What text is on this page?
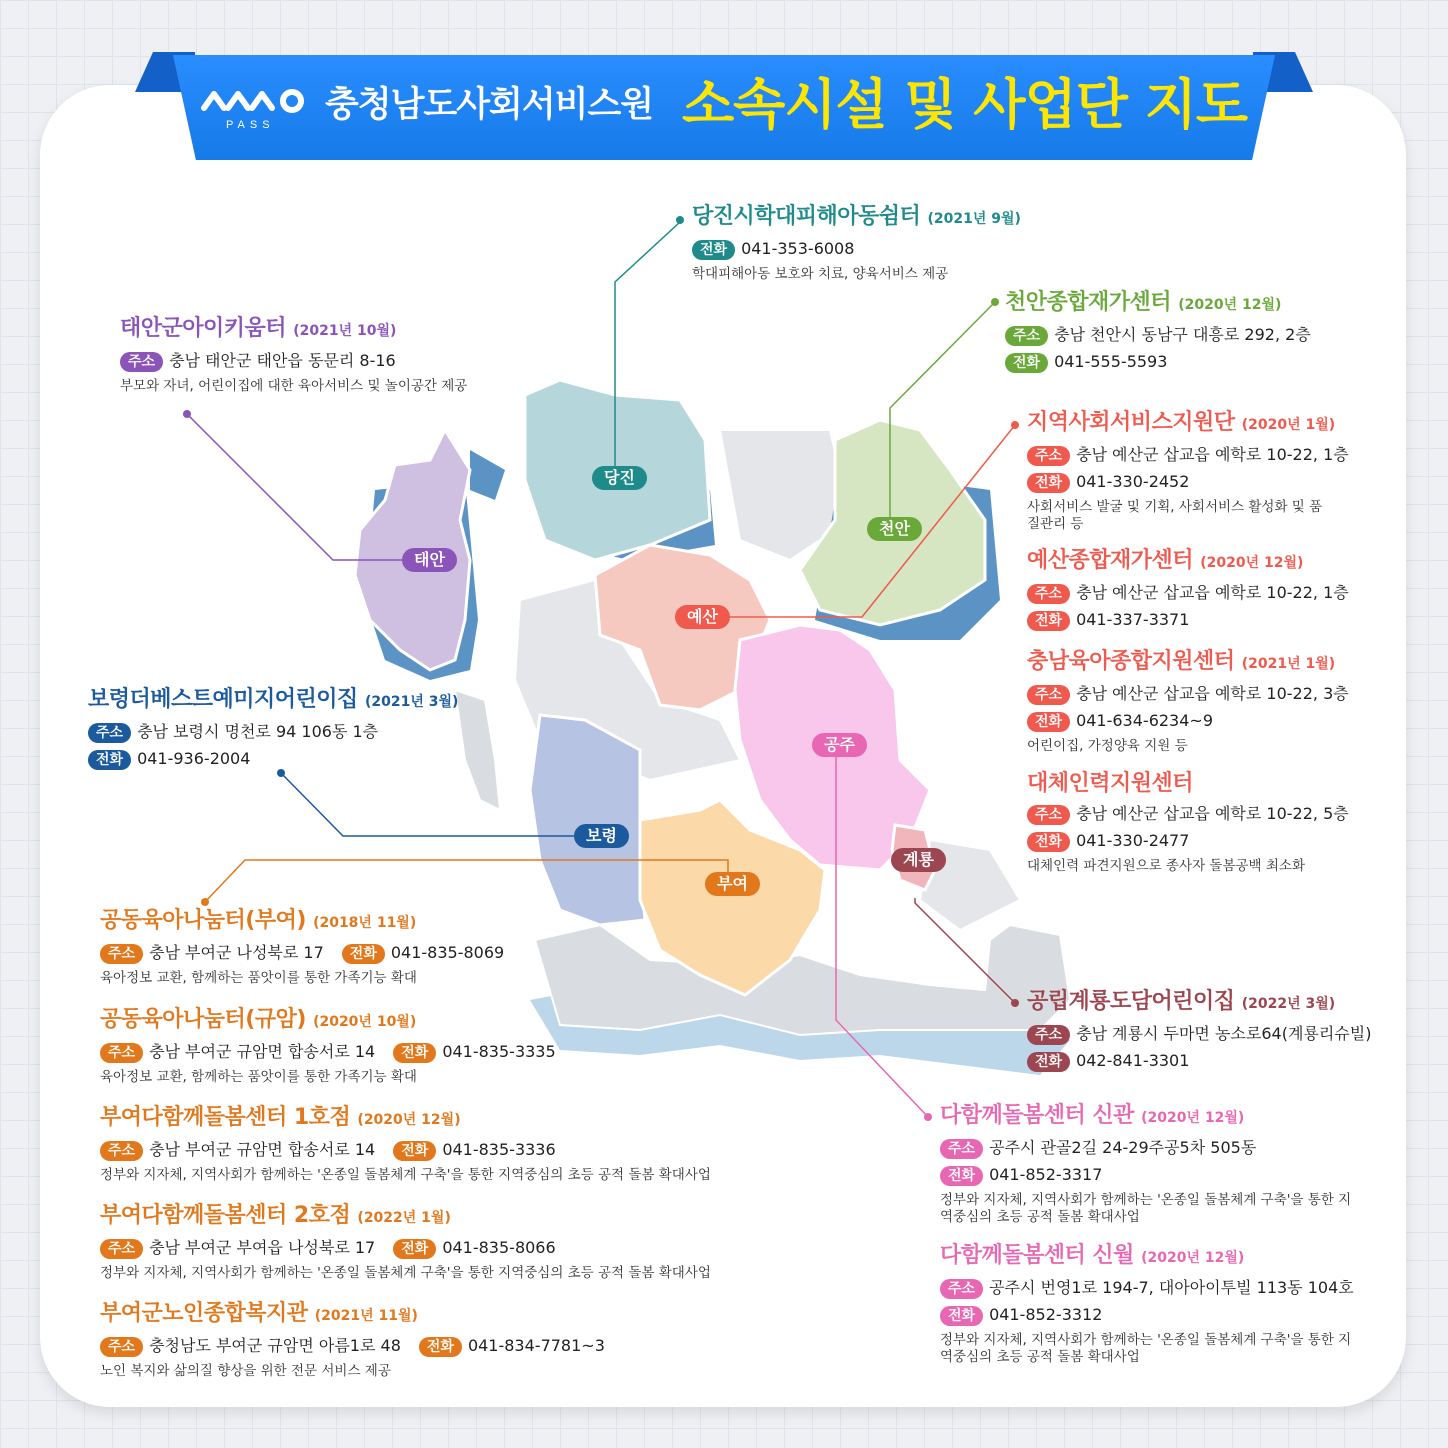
PASS 충청남도사회서비스원 소속시설 및 사업단 지도
당진
천안
태안
예산
공주
보령
부여
계룡
당진시학대피해아동쉼터 (2021년 9월)
전화 041-353-6008
학대피해아동 보호와 치료, 양육서비스 제공
천안종합재가센터 (2020년 12월)
주소 충남 천안시 동남구 대흥로 292, 2층
전화 041-555-5593
지역사회서비스지원단 (2020년 1월)
주소 충남 예산군 삽교읍 예학로 10-22, 1층
전화 041-330-2452
사회서비스 발굴 및 기획, 사회서비스 활성화 및 품질관리 등
예산종합재가센터 (2020년 12월)
주소 충남 예산군 삽교읍 예학로 10-22, 1층
전화 041-337-3371
충남육아종합지원센터 (2021년 1월)
주소 충남 예산군 삽교읍 예학로 10-22, 3층
전화 041-634-6234~9
어린이집, 가정양육 지원 등
대체인력지원센터
주소 충남 예산군 삽교읍 예학로 10-22, 5층
전화 041-330-2477
대체인력 파견지원으로 종사자 돌봄공백 최소화
태안군아이키움터 (2021년 10월)
주소 충남 태안군 태안읍 동문리 8-16
부모와 자녀, 어린이집에 대한 육아서비스 및 놀이공간 제공
보령더베스트예미지어린이집 (2021년 3월)
주소 충남 보령시 명천로 94 106동 1층
전화 041-936-2004
공동육아나눔터(부여) (2018년 11월)
주소 충남 부여군 나성북로 17 전화 041-835-8069
육아정보 교환, 함께하는 품앗이를 통한 가족기능 확대
공동육아나눔터(규암) (2020년 10월)
주소 충남 부여군 규암면 합송서로 14 전화 041-835-3335
육아정보 교환, 함께하는 품앗이를 통한 가족기능 확대
부여다함께돌봄센터 1호점 (2020년 12월)
주소 충남 부여군 규암면 합송서로 14 전화 041-835-3336
정부와 지자체, 지역사회가 함께하는 '온종일 돌봄체계 구축'을 통한 지역중심의 초등 공적 돌봄 확대사업
부여다함께돌봄센터 2호점 (2022년 1월)
주소 충남 부여군 부여읍 나성북로 17 전화 041-835-8066
정부와 지자체, 지역사회가 함께하는 '온종일 돌봄체계 구축'을 통한 지역중심의 초등 공적 돌봄 확대사업
부여군노인종합복지관 (2021년 11월)
주소 충청남도 부여군 규암면 아름1로 48 전화 041-834-7781~3
노인 복지와 삶의질 향상을 위한 전문 서비스 제공
공립계룡도담어린이집 (2022년 3월)
주소 충남 계룡시 두마면 농소로64(계룡리슈빌)
전화 042-841-3301
다함께돌봄센터 신관 (2020년 12월)
주소 공주시 관골2길 24-29주공5차 505동
전화 041-852-3317
정부와 지자체, 지역사회가 함께하는 '온종일 돌봄체계 구축'을 통한 지역중심의 초등 공적 돌봄 확대사업
다함께돌봄센터 신월 (2020년 12월)
주소 공주시 번영1로 194-7, 대아아이투빌 113동 104호
전화 041-852-3312
정부와 지자체, 지역사회가 함께하는 '온종일 돌봄체계 구축'을 통한 지역중심의 초등 공적 돌봄 확대사업
